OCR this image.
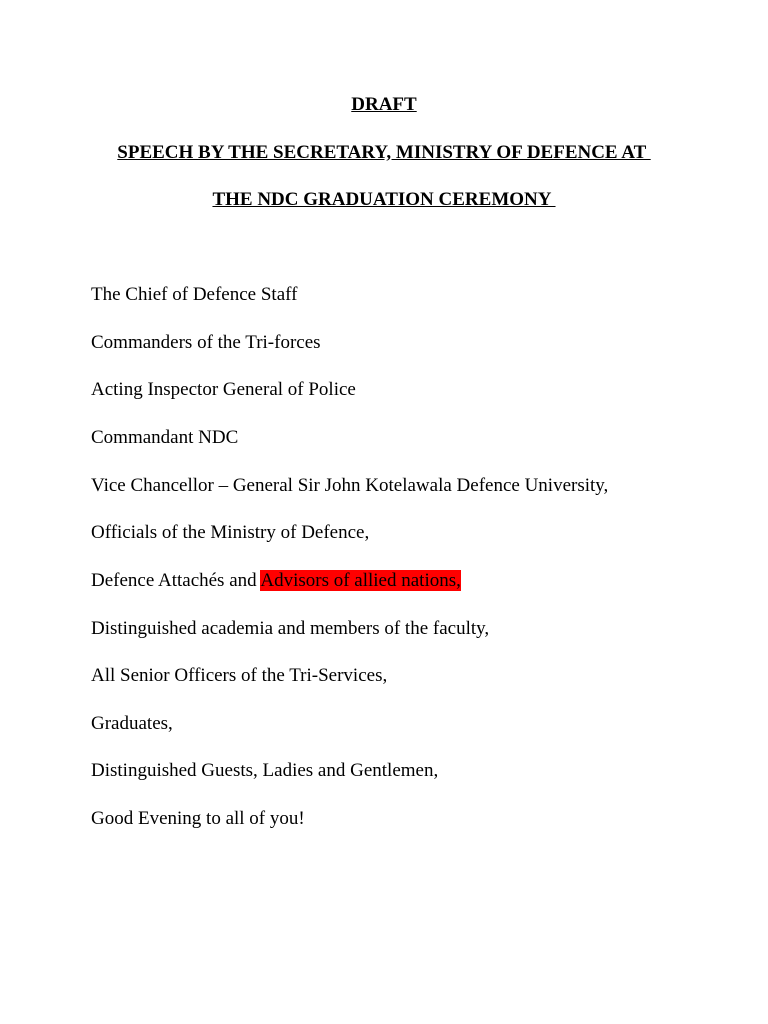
DRAFT
SPEECH BY THE SECRETARY, MINISTRY OF DEFENCE AT
THE NDC GRADUATION CEREMONY
The Chief of Defence Staff
Commanders of the Tri-forces
Acting Inspector General of Police
Commandant NDC
Vice Chancellor – General Sir John Kotelawala Defence University,
Officials of the Ministry of Defence,
Defence Attachés and Advisors of allied nations,
Distinguished academia and members of the faculty,
All Senior Officers of the Tri-Services,
Graduates,
Distinguished Guests, Ladies and Gentlemen,
Good Evening to all of you!
